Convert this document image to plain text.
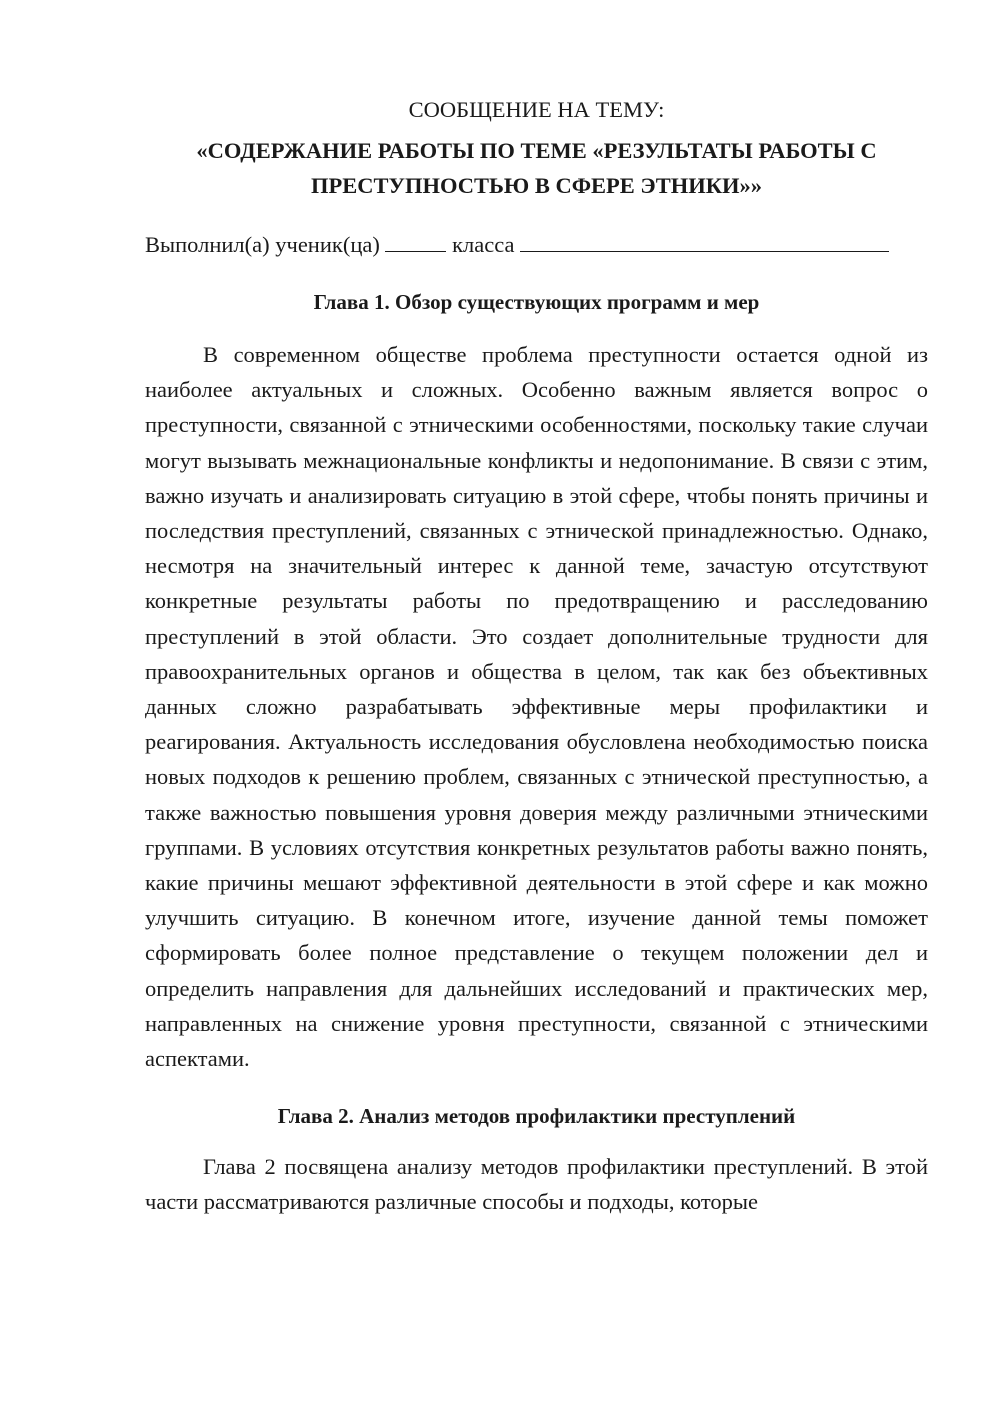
СООБЩЕНИЕ НА ТЕМУ:

«СОДЕРЖАНИЕ РАБОТЫ ПО ТЕМЕ «РЕЗУЛЬТАТЫ РАБОТЫ С ПРЕСТУПНОСТЬЮ В СФЕРЕ ЭТНИКИ»»

Выполнил(а) ученик(ца)	класса

Глава 1. Обзор существующих программ и мер

В современном обществе проблема преступности остается одной из наиболее актуальных и сложных. Особенно важным является вопрос о преступности, связанной с этническими особенностями, поскольку такие случаи могут вызывать межнациональные конфликты и недопонимание. В связи с этим, важно изучать и анализировать ситуацию в этой сфере, чтобы понять причины и последствия преступлений, связанных с этнической принадлежностью. Однако, несмотря на значительный интерес к данной теме, зачастую отсутствуют конкретные результаты работы по предотвращению и расследованию преступлений в этой области. Это создает дополнительные трудности для правоохранительных органов и общества в целом, так как без объективных данных сложно разрабатывать эффективные меры профилактики и реагирования. Актуальность исследования обусловлена необходимостью поиска новых подходов к решению проблем, связанных с этнической преступностью, а также важностью повышения уровня доверия между различными этническими группами. В условиях отсутствия конкретных результатов работы важно понять, какие причины мешают эффективной деятельности в этой сфере и как можно улучшить ситуацию. В конечном итоге, изучение данной темы поможет сформировать более полное представление о текущем положении дел и определить направления для дальнейших исследований и практических мер, направленных на снижение уровня преступности, связанной с этническими аспектами.

Глава 2. Анализ методов профилактики преступлений

Глава 2 посвящена анализу методов профилактики преступлений. В этой части рассматриваются различные способы и подходы, которые
